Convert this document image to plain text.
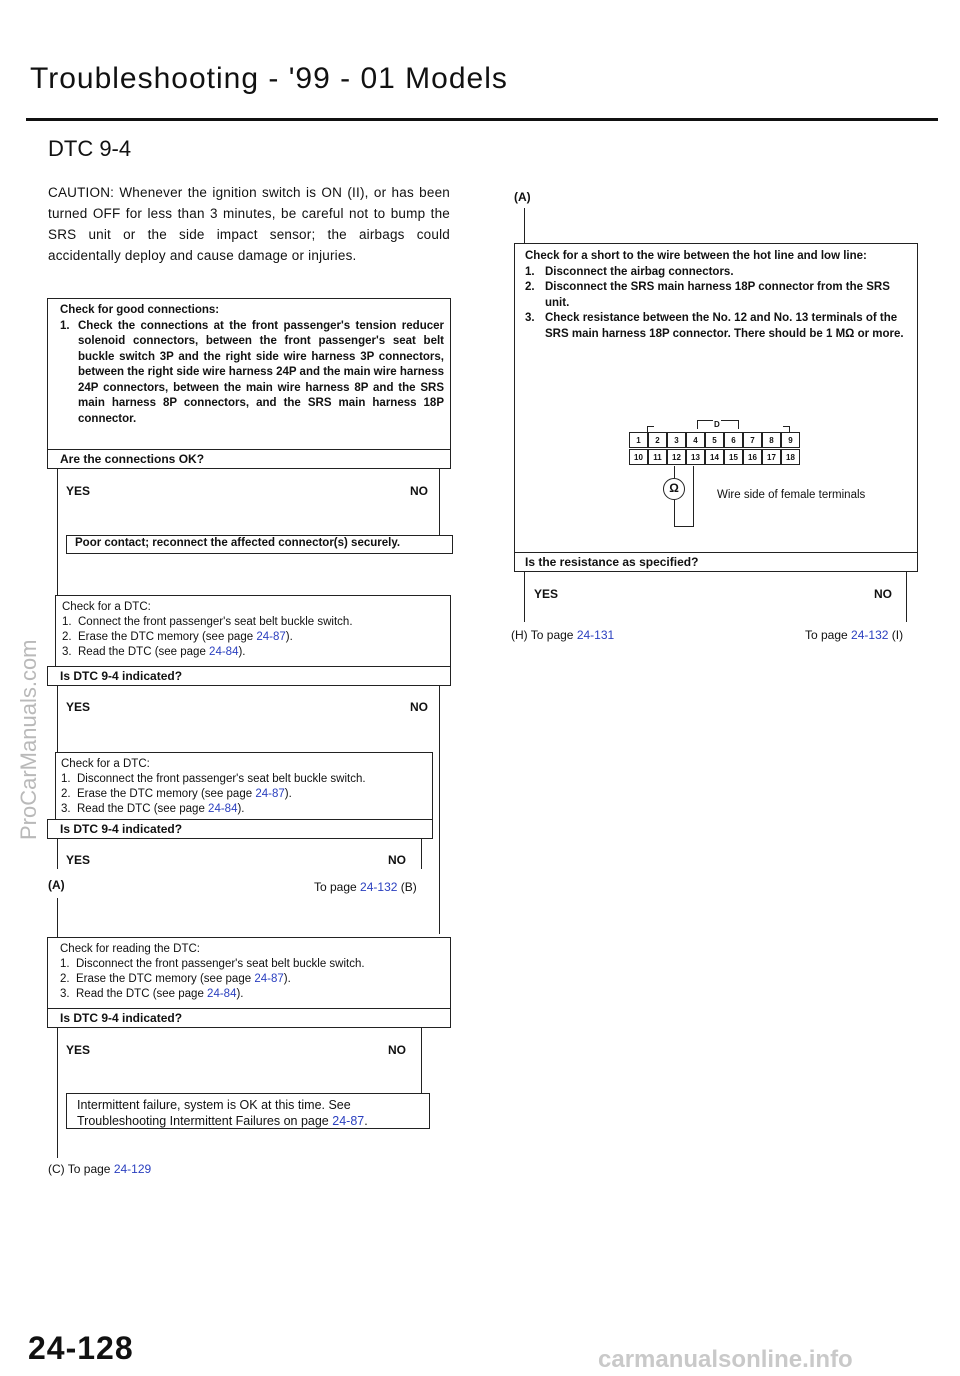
Troubleshooting - '99 - 01 Models
DTC 9-4
CAUTION: Whenever the ignition switch is ON (II), or has been turned OFF for less than 3 minutes, be careful not to bump the SRS unit or the side impact sensor; the airbags could accidentally deploy and cause damage or injuries.
Check for good connections:
1. Check the connections at the front passenger's tension reducer solenoid connectors, between the front passenger's seat belt buckle switch 3P and the right side wire harness 3P connectors, between the right side wire harness 24P and the main wire harness 24P connectors, between the main wire harness 8P and the SRS main harness 8P connectors, and the SRS main harness 18P connector.
Are the connections OK?
YES	NO
Poor contact; reconnect the affected connector(s) securely.
Check for a DTC:
1. Connect the front passenger's seat belt buckle switch.
2. Erase the DTC memory (see page 24-87).
3. Read the DTC (see page 24-84).
Is DTC 9-4 indicated?
YES	NO
Check for a DTC:
1. Disconnect the front passenger's seat belt buckle switch.
2. Erase the DTC memory (see page 24-87).
3. Read the DTC (see page 24-84).
Is DTC 9-4 indicated?
YES	NO
(A)	To page 24-132 (B)
Check for reading the DTC:
1. Disconnect the front passenger's seat belt buckle switch.
2. Erase the DTC memory (see page 24-87).
3. Read the DTC (see page 24-84).
Is DTC 9-4 indicated?
YES	NO
Intermittent failure, system is OK at this time. See Troubleshooting Intermittent Failures on page 24-87.
(C) To page 24-129
(A)
Check for a short to the wire between the hot line and low line:
1. Disconnect the airbag connectors.
2. Disconnect the SRS main harness 18P connector from the SRS unit.
3. Check resistance between the No. 12 and No. 13 terminals of the SRS main harness 18P connector. There should be 1 MΩ or more.
D
1	2	3	4	5	6	7	8	9
10	11	12	13	14	15	16	17	18
Ω	Wire side of female terminals
Is the resistance as specified?
YES	NO
(H) To page 24-131	To page 24-132 (I)
24-128
ProCarManuals.com
carmanualsonline.info
